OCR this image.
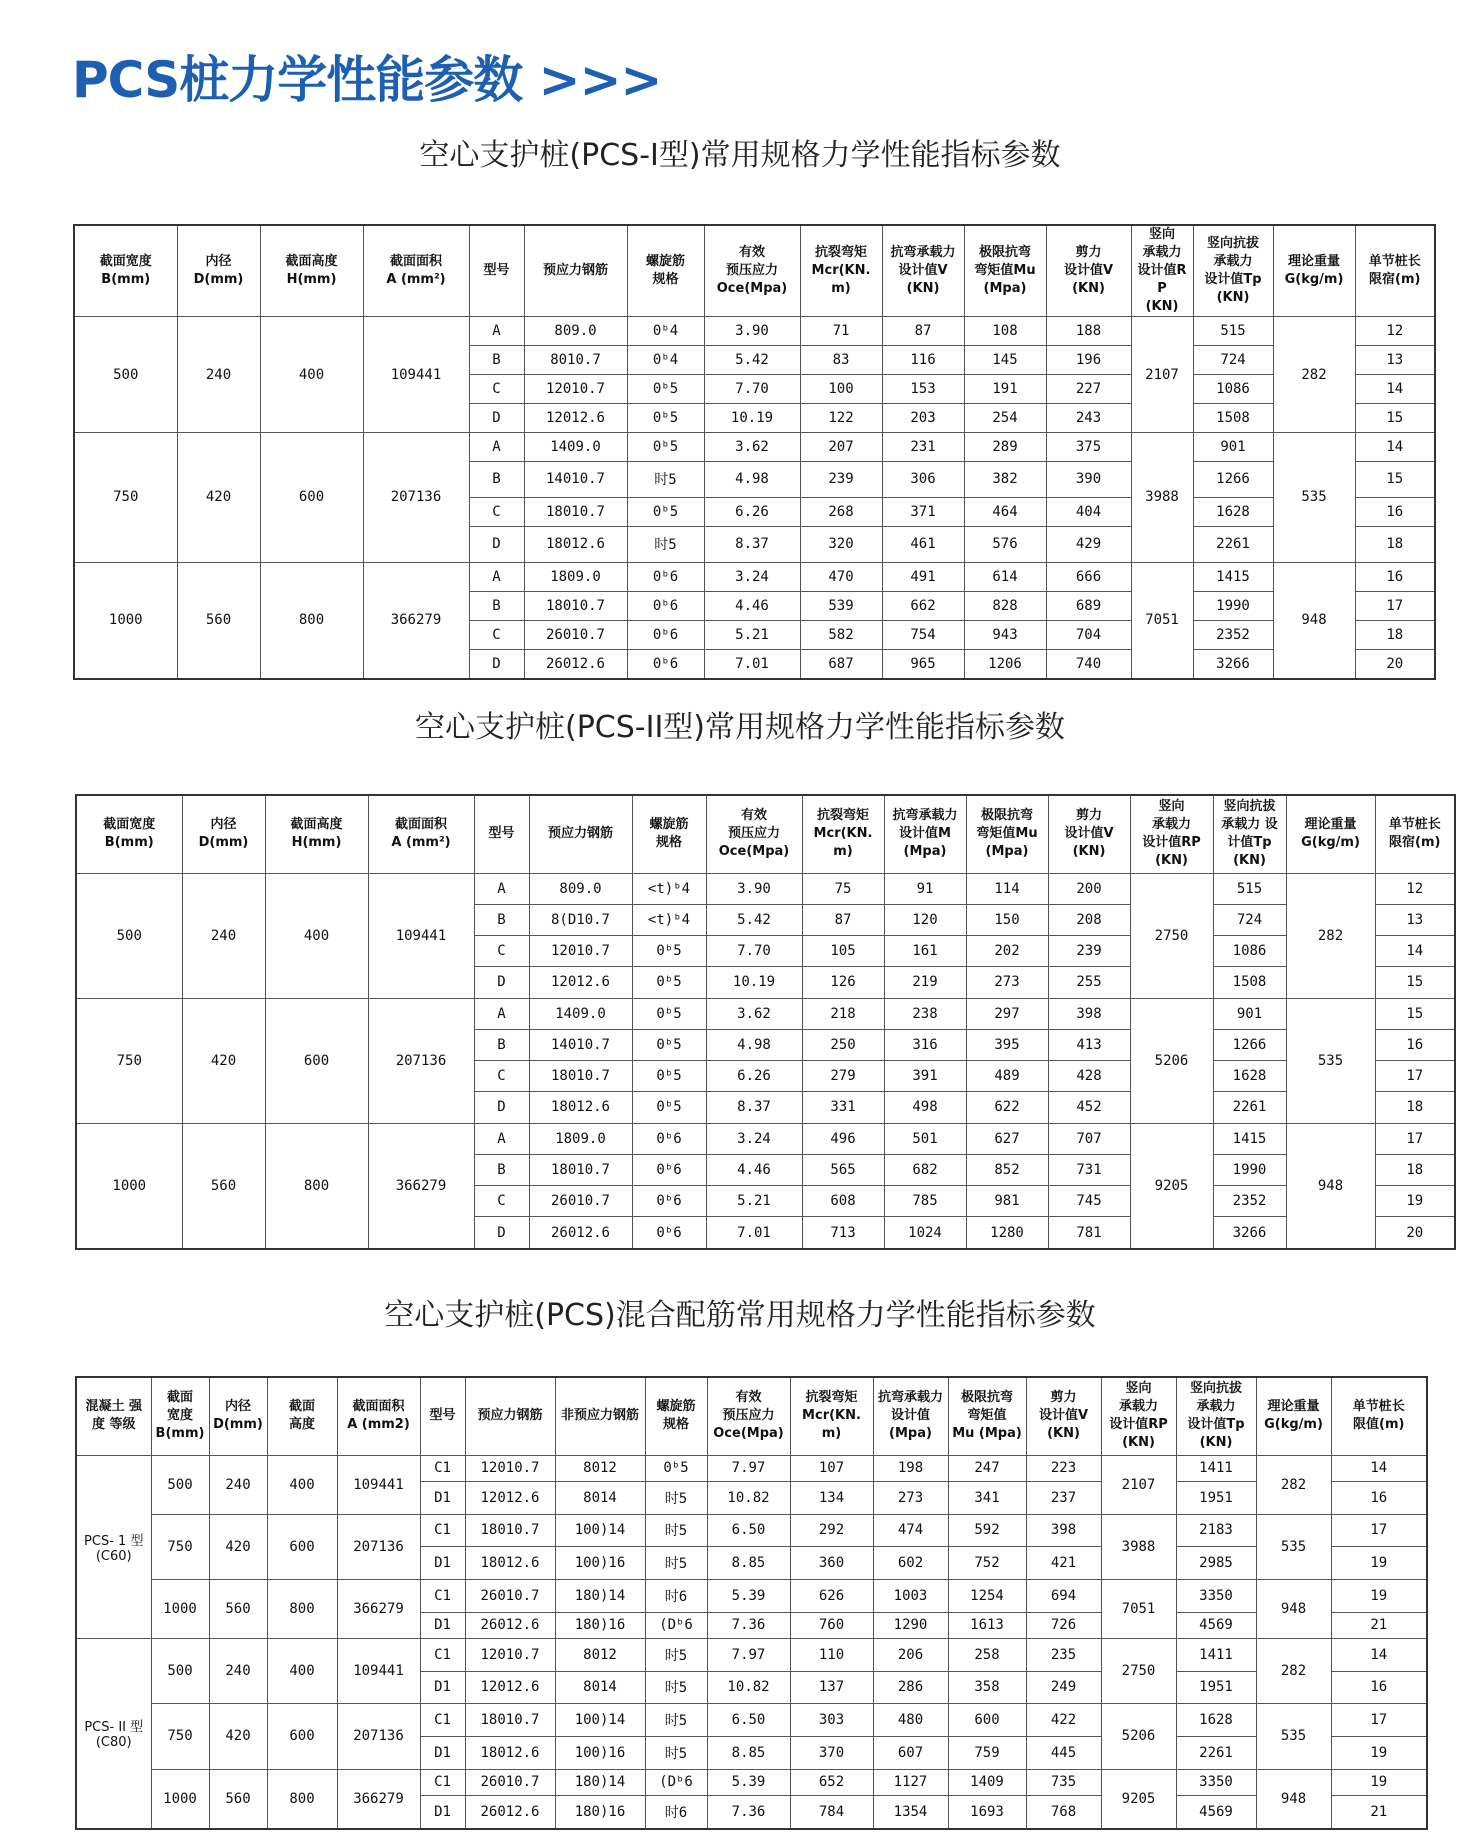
PCS桩力学性能参数 >>>
空心支护桩(PCS-I型)常用规格力学性能指标参数
截面宽度
B(mm)	内径
D(mm)	截面高度
H(mm)	截面面积
A (mm²)	型号	预应力钢筋	螺旋筋
规格	有效
预压应力
Oce(Mpa)	抗裂弯矩
Mcr(KN.m)	抗弯承载力
设计值V
(KN)	极限抗弯
弯矩值Mu
(Mpa)	剪力
设计值V
(KN)	竖向
承载力
设计值RP
(KN)	竖向抗拔
承载力
设计值Tp
(KN)	理论重量
G(kg/m)	单节桩长
限宿(m)
500	240	400	109441	A	809.0	0ᵇ4	3.90	71	87	108	188	2107	515	282	12
				B	8010.7	0ᵇ4	5.42	83	116	145	196		724		13
				C	12010.7	0ᵇ5	7.70	100	153	191	227		1086		14
				D	12012.6	0ᵇ5	10.19	122	203	254	243		1508		15
750	420	600	207136	A	1409.0	0ᵇ5	3.62	207	231	289	375	3988	901	535	14
				B	14010.7	时5	4.98	239	306	382	390		1266		15
				C	18010.7	0ᵇ5	6.26	268	371	464	404		1628		16
				D	18012.6	时5	8.37	320	461	576	429		2261		18
1000	560	800	366279	A	1809.0	0ᵇ6	3.24	470	491	614	666	7051	1415	948	16
				B	18010.7	0ᵇ6	4.46	539	662	828	689		1990		17
				C	26010.7	0ᵇ6	5.21	582	754	943	704		2352		18
				D	26012.6	0ᵇ6	7.01	687	965	1206	740		3266		20
空心支护桩(PCS-II型)常用规格力学性能指标参数
截面宽度
B(mm)	内径
D(mm)	截面高度
H(mm)	截面面积
A (mm²)	型号	预应力钢筋	螺旋筋
规格	有效
预压应力
Oce(Mpa)	抗裂弯矩
Mcr(KN.m)	抗弯承载力
设计值M
(Mpa)	极限抗弯
弯矩值Mu
(Mpa)	剪力
设计值V
(KN)	竖向
承载力
设计值RP
(KN)	竖向抗拔
承载力 设
计值Tp
(KN)	理论重量
G(kg/m)	单节桩长
限宿(m)
500	240	400	109441	A	809.0	<t)ᵇ4	3.90	75	91	114	200	2750	515	282	12
				B	8(D10.7	<t)ᵇ4	5.42	87	120	150	208		724		13
				C	12010.7	0ᵇ5	7.70	105	161	202	239		1086		14
				D	12012.6	0ᵇ5	10.19	126	219	273	255		1508		15
750	420	600	207136	A	1409.0	0ᵇ5	3.62	218	238	297	398	5206	901	535	15
				B	14010.7	0ᵇ5	4.98	250	316	395	413		1266		16
				C	18010.7	0ᵇ5	6.26	279	391	489	428		1628		17
				D	18012.6	0ᵇ5	8.37	331	498	622	452		2261		18
1000	560	800	366279	A	1809.0	0ᵇ6	3.24	496	501	627	707	9205	1415	948	17
				B	18010.7	0ᵇ6	4.46	565	682	852	731		1990		18
				C	26010.7	0ᵇ6	5.21	608	785	981	745		2352		19
				D	26012.6	0ᵇ6	7.01	713	1024	1280	781		3266		20
空心支护桩(PCS)混合配筋常用规格力学性能指标参数
混凝土 强
度 等级	截面
宽度
B(mm)	内径
D(mm)	截面
高度	截面面积
A (mm2)	型号	预应力钢筋	非预应力钢筋	螺旋筋
规格	有效
预压应力
Oce(Mpa)	抗裂弯矩
Mcr(KN.m)	抗弯承载力
设计值
(Mpa)	极限抗弯
弯矩值
Mu (Mpa)	剪力
设计值V
(KN)	竖向
承载力
设计值RP
(KN)	竖向抗拔
承载力
设计值Tp
(KN)	理论重量
G(kg/m)	单节桩长
限值(m)
PCS- 1 型
(C60)	500	240	400	109441	C1	12010.7	8012	0ᵇ5	7.97	107	198	247	223	2107	1411	282	14
					D1	12012.6	8014	时5	10.82	134	273	341	237		1951		16
	750	420	600	207136	C1	18010.7	100)14	时5	6.50	292	474	592	398	3988	2183	535	17
					D1	18012.6	100)16	时5	8.85	360	602	752	421		2985		19
	1000	560	800	366279	C1	26010.7	180)14	时6	5.39	626	1003	1254	694	7051	3350	948	19
					D1	26012.6	180)16	(Dᵇ6	7.36	760	1290	1613	726		4569		21
PCS- II 型
(C80)	500	240	400	109441	C1	12010.7	8012	时5	7.97	110	206	258	235	2750	1411	282	14
					D1	12012.6	8014	时5	10.82	137	286	358	249		1951		16
	750	420	600	207136	C1	18010.7	100)14	时5	6.50	303	480	600	422	5206	1628	535	17
					D1	18012.6	100)16	时5	8.85	370	607	759	445		2261		19
	1000	560	800	366279	C1	26010.7	180)14	(Dᵇ6	5.39	652	1127	1409	735	9205	3350	948	19
					D1	26012.6	180)16	时6	7.36	784	1354	1693	768		4569		21
